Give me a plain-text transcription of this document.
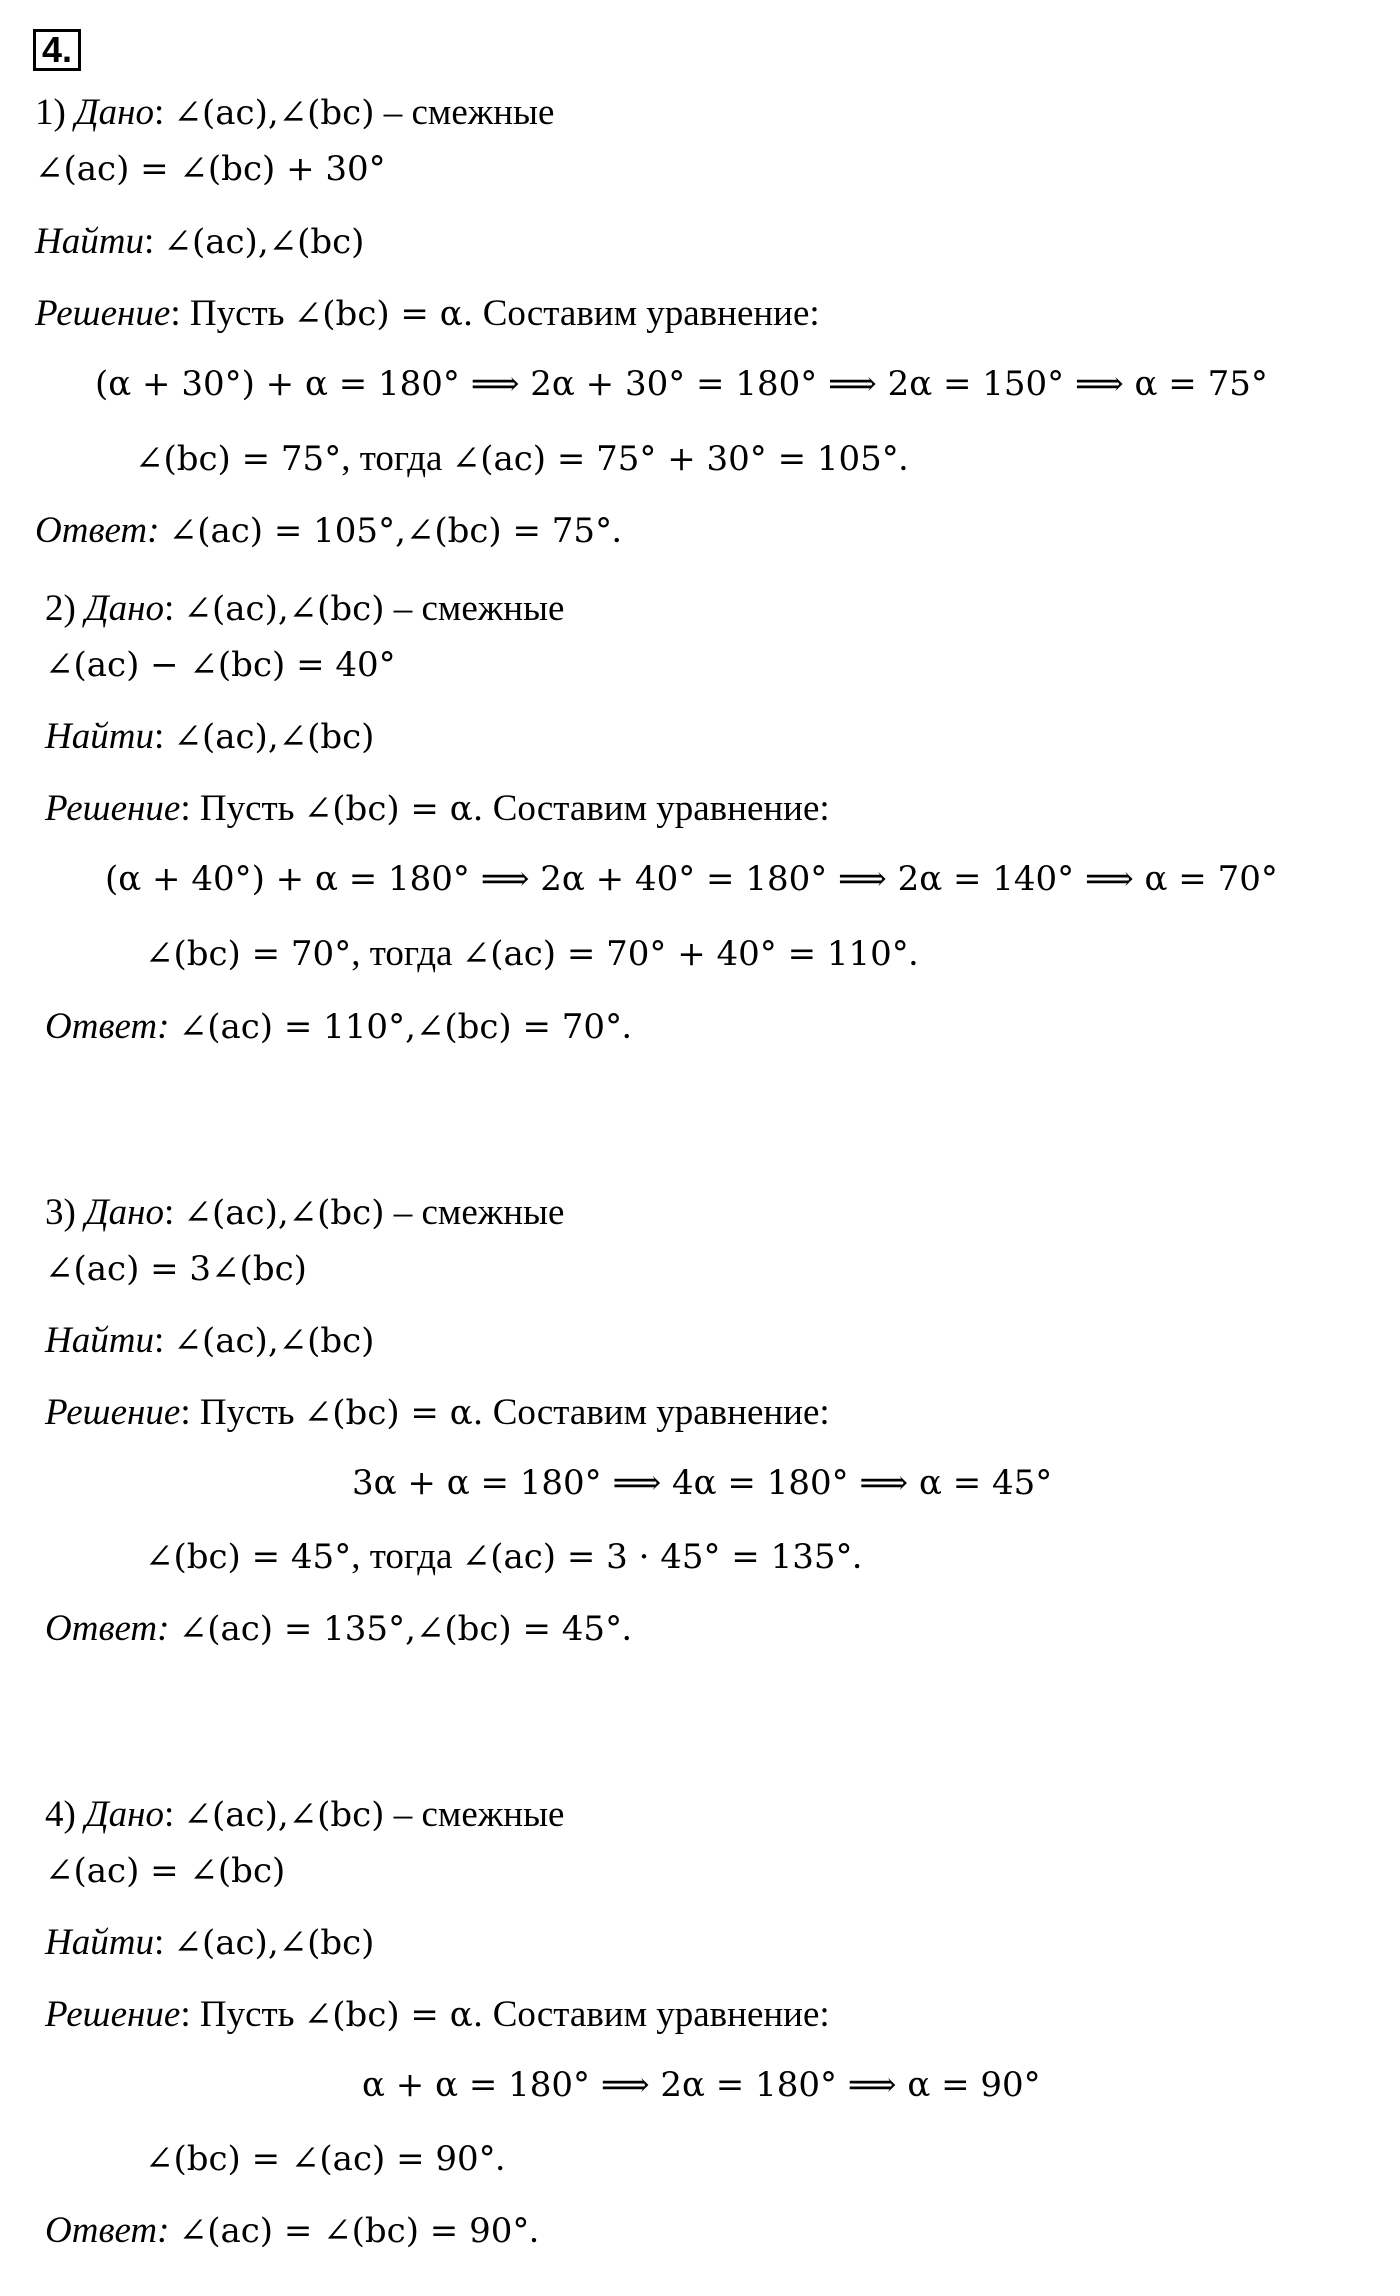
4.
1) Дано: ∠(ac),∠(bc) – смежные
∠(ac) = ∠(bc) + 30°
Найти: ∠(ac),∠(bc)
Решение: Пусть ∠(bc) = α. Составим уравнение:
(α + 30°) + α = 180° ⟹ 2α + 30° = 180° ⟹ 2α = 150° ⟹ α = 75°
∠(bc) = 75°, тогда ∠(ac) = 75° + 30° = 105°.
Ответ: ∠(ac) = 105°,∠(bc) = 75°.
2) Дано: ∠(ac),∠(bc) – смежные
∠(ac) − ∠(bc) = 40°
Найти: ∠(ac),∠(bc)
Решение: Пусть ∠(bc) = α. Составим уравнение:
(α + 40°) + α = 180° ⟹ 2α + 40° = 180° ⟹ 2α = 140° ⟹ α = 70°
∠(bc) = 70°, тогда ∠(ac) = 70° + 40° = 110°.
Ответ: ∠(ac) = 110°,∠(bc) = 70°.
3) Дано: ∠(ac),∠(bc) – смежные
∠(ac) = 3∠(bc)
Найти: ∠(ac),∠(bc)
Решение: Пусть ∠(bc) = α. Составим уравнение:
3α + α = 180° ⟹ 4α = 180° ⟹ α = 45°
∠(bc) = 45°, тогда ∠(ac) = 3 · 45° = 135°.
Ответ: ∠(ac) = 135°,∠(bc) = 45°.
4) Дано: ∠(ac),∠(bc) – смежные
∠(ac) = ∠(bc)
Найти: ∠(ac),∠(bc)
Решение: Пусть ∠(bc) = α. Составим уравнение:
α + α = 180° ⟹ 2α = 180° ⟹ α = 90°
∠(bc) = ∠(ac) = 90°.
Ответ: ∠(ac) = ∠(bc) = 90°.
